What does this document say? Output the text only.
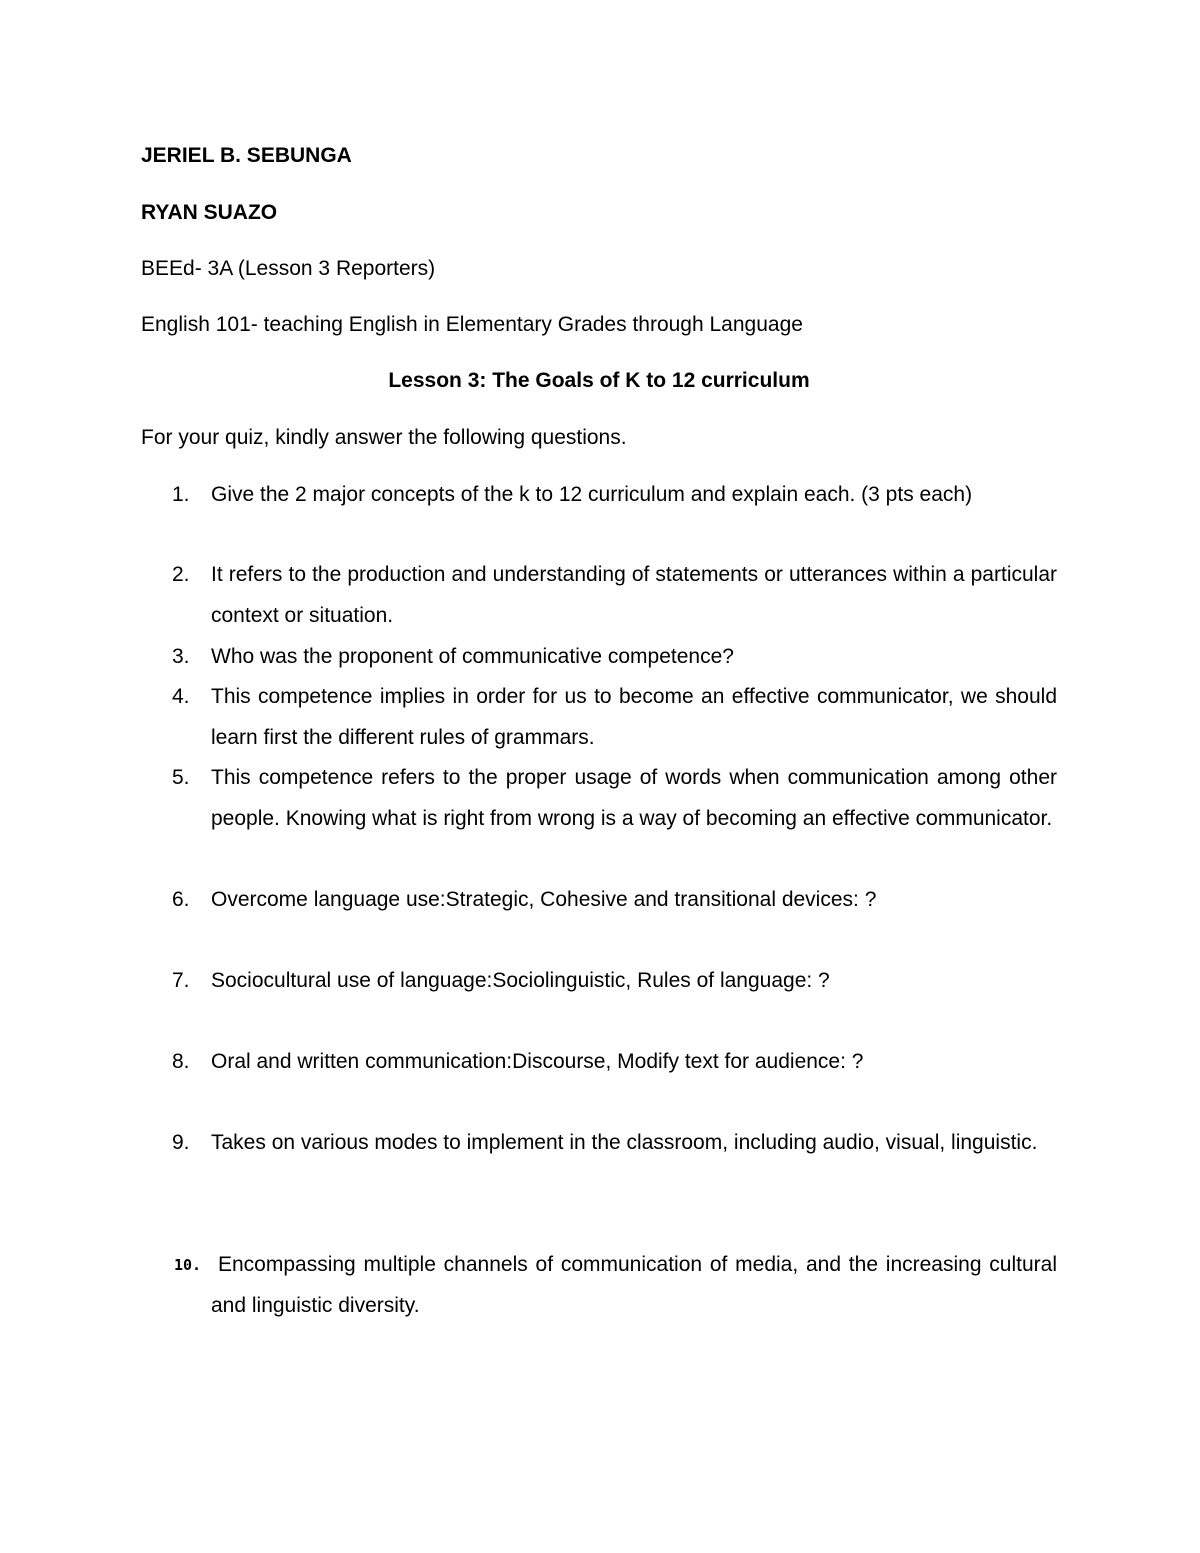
JERIEL B. SEBUNGA
RYAN SUAZO
BEEd- 3A (Lesson 3 Reporters)
English 101- teaching English in Elementary Grades through Language
Lesson 3: The Goals of K to 12 curriculum
For your quiz, kindly answer the following questions.
1.	Give the 2 major concepts of the k to 12 curriculum and explain each. (3 pts each)
2.	It refers to the production and understanding of statements or utterances within a particular context or situation.
3.	Who was the proponent of communicative competence?
4.	This competence implies in order for us to become an effective communicator, we should learn first the different rules of grammars.
5.	This competence refers to the proper usage of words when communication among other people. Knowing what is right from wrong is a way of becoming an effective communicator.
6.	Overcome language use:Strategic, Cohesive and transitional devices: ?
7.	Sociocultural use of language:Sociolinguistic, Rules of language: ?
8.	Oral and written communication:Discourse, Modify text for audience: ?
9.	Takes on various modes to implement in the classroom, including audio, visual, linguistic.
10. Encompassing multiple channels of communication of media, and the increasing cultural and linguistic diversity.
